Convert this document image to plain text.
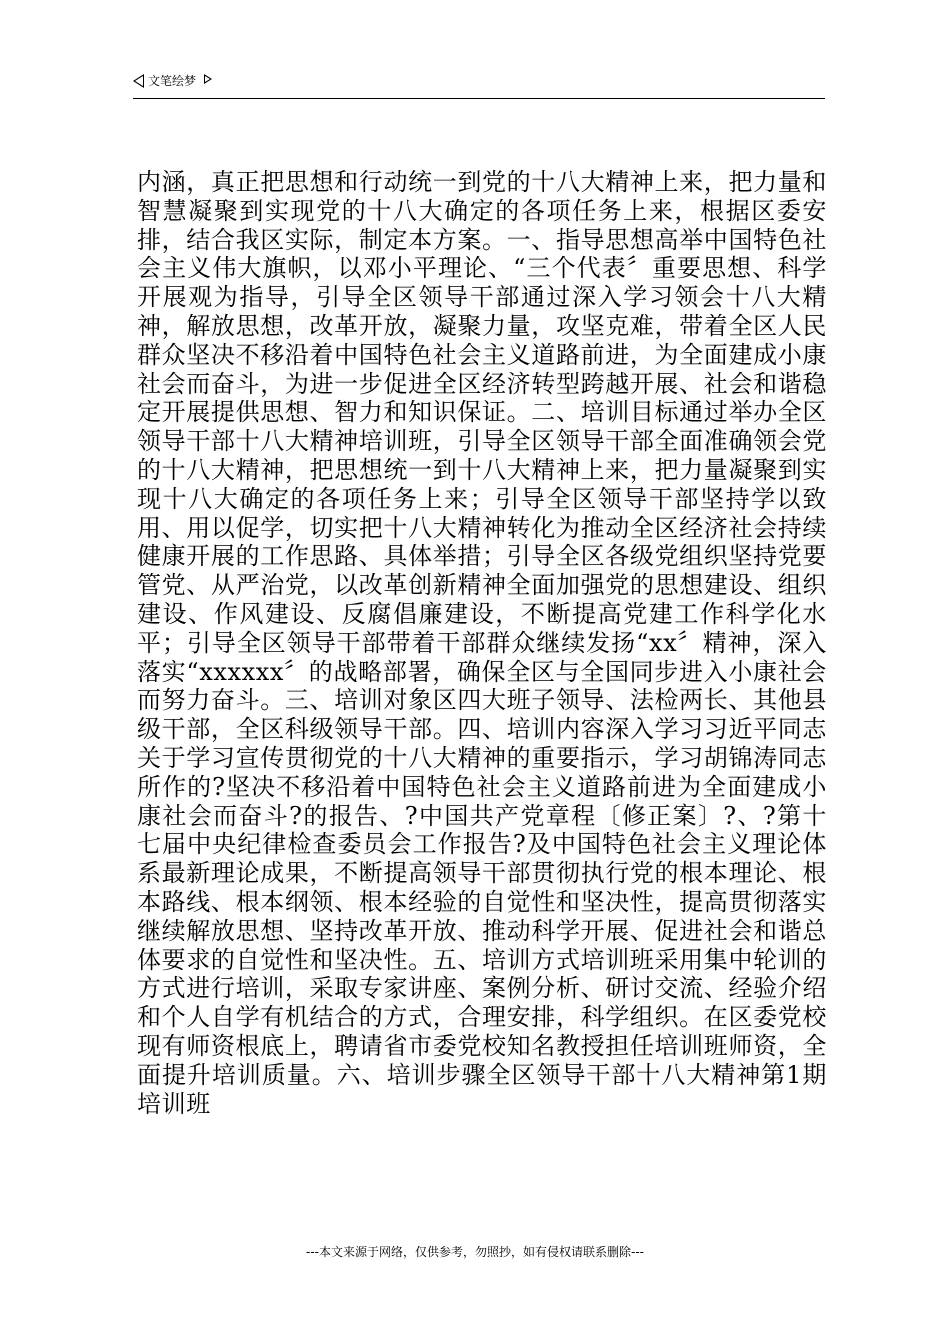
文笔绘梦

内涵，真正把思想和行动统一到党的十八大精神上来，把力量和智慧凝聚到实现党的十八大确定的各项任务上来，根据区委安排，结合我区实际，制定本方案。一、指导思想高举中国特色社会主义伟大旗帜，以邓小平理论、“三个代表〞重要思想、科学开展观为指导，引导全区领导干部通过深入学习领会十八大精神，解放思想，改革开放，凝聚力量，攻坚克难，带着全区人民群众坚决不移沿着中国特色社会主义道路前进，为全面建成小康社会而奋斗，为进一步促进全区经济转型跨越开展、社会和谐稳定开展提供思想、智力和知识保证。二、培训目标通过举办全区领导干部十八大精神培训班，引导全区领导干部全面准确领会党的十八大精神，把思想统一到十八大精神上来，把力量凝聚到实现十八大确定的各项任务上来；引导全区领导干部坚持学以致用、用以促学，切实把十八大精神转化为推动全区经济社会持续健康开展的工作思路、具体举措；引导全区各级党组织坚持党要管党、从严治党，以改革创新精神全面加强党的思想建设、组织建设、作风建设、反腐倡廉建设，不断提高党建工作科学化水平；引导全区领导干部带着干部群众继续发扬“xx〞精神，深入落实“xxxxxx〞的战略部署，确保全区与全国同步进入小康社会而努力奋斗。三、培训对象区四大班子领导、法检两长、其他县级干部，全区科级领导干部。四、培训内容深入学习习近平同志关于学习宣传贯彻党的十八大精神的重要指示，学习胡锦涛同志所作的?坚决不移沿着中国特色社会主义道路前进为全面建成小康社会而奋斗?的报告、?中国共产党章程〔修正案〕?、?第十七届中央纪律检查委员会工作报告?及中国特色社会主义理论体系最新理论成果，不断提高领导干部贯彻执行党的根本理论、根本路线、根本纲领、根本经验的自觉性和坚决性，提高贯彻落实继续解放思想、坚持改革开放、推动科学开展、促进社会和谐总体要求的自觉性和坚决性。五、培训方式培训班采用集中轮训的方式进行培训，采取专家讲座、案例分析、研讨交流、经验介绍和个人自学有机结合的方式，合理安排，科学组织。在区委党校现有师资根底上，聘请省市委党校知名教授担任培训班师资，全面提升培训质量。六、培训步骤全区领导干部十八大精神第1期培训班

---本文来源于网络，仅供参考，勿照抄，如有侵权请联系删除---
